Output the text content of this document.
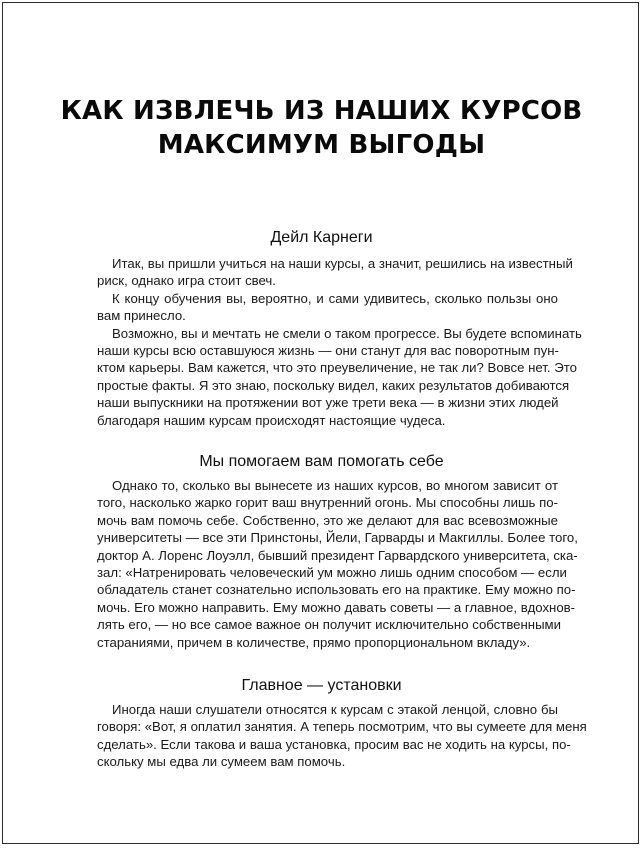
КАК ИЗВЛЕЧЬ ИЗ НАШИХ КУРСОВ
МАКСИМУМ ВЫГОДЫ
Дейл Карнеги

Итак, вы пришли учиться на наши курсы, а значит, решились на известный
риск, однако игра стоит свеч.

К концу обучения вы, вероятно, и сами удивитесь, сколько пользы оно
вам принесло.

Возможно, вы и мечтать не смели о таком прогрессе. Вы будете вспоминать
наши курсы всю оставшуюся жизнь — они станут для вас поворотным пун-
ктом карьеры. Вам кажется, что это преувеличение, не так ли? Вовсе нет. Это
простые факты. Я это знаю, поскольку видел, каких результатов добиваются
наши выпускники на протяжении вот уже трети века — в жизни этих людей
благодаря нашим курсам происходят настоящие чудеса.

Мы помогаем вам помогать себе

Однако то, сколько вы вынесете из наших курсов, во многом зависит от
того, насколько жарко горит ваш внутренний огонь. Мы способны лишь по-
мочь вам помочь себе. Собственно, это же делают для вас всевозможные
университеты — все эти Принстоны, Йели, Гарварды и Макгиллы. Более того,
доктор А. Лоренс Лоуэлл, бывший президент Гарвардского университета, ска-
зал: «Натренировать человеческий ум можно лишь одним способом — если
обладатель станет сознательно использовать его на практике. Ему можно по-
мочь. Его можно направить. Ему можно давать советы — а главное, вдохнов-
лять его, — но все самое важное он получит исключительно собственными
стараниями, причем в количестве, прямо пропорциональном вкладу».

Главное — установки

Иногда наши слушатели относятся к курсам с этакой ленцой, словно бы
говоря: «Вот, я оплатил занятия. А теперь посмотрим, что вы сумеете для меня
сделать». Если такова и ваша установка, просим вас не ходить на курсы, по-
скольку мы едва ли сумеем вам помочь.
